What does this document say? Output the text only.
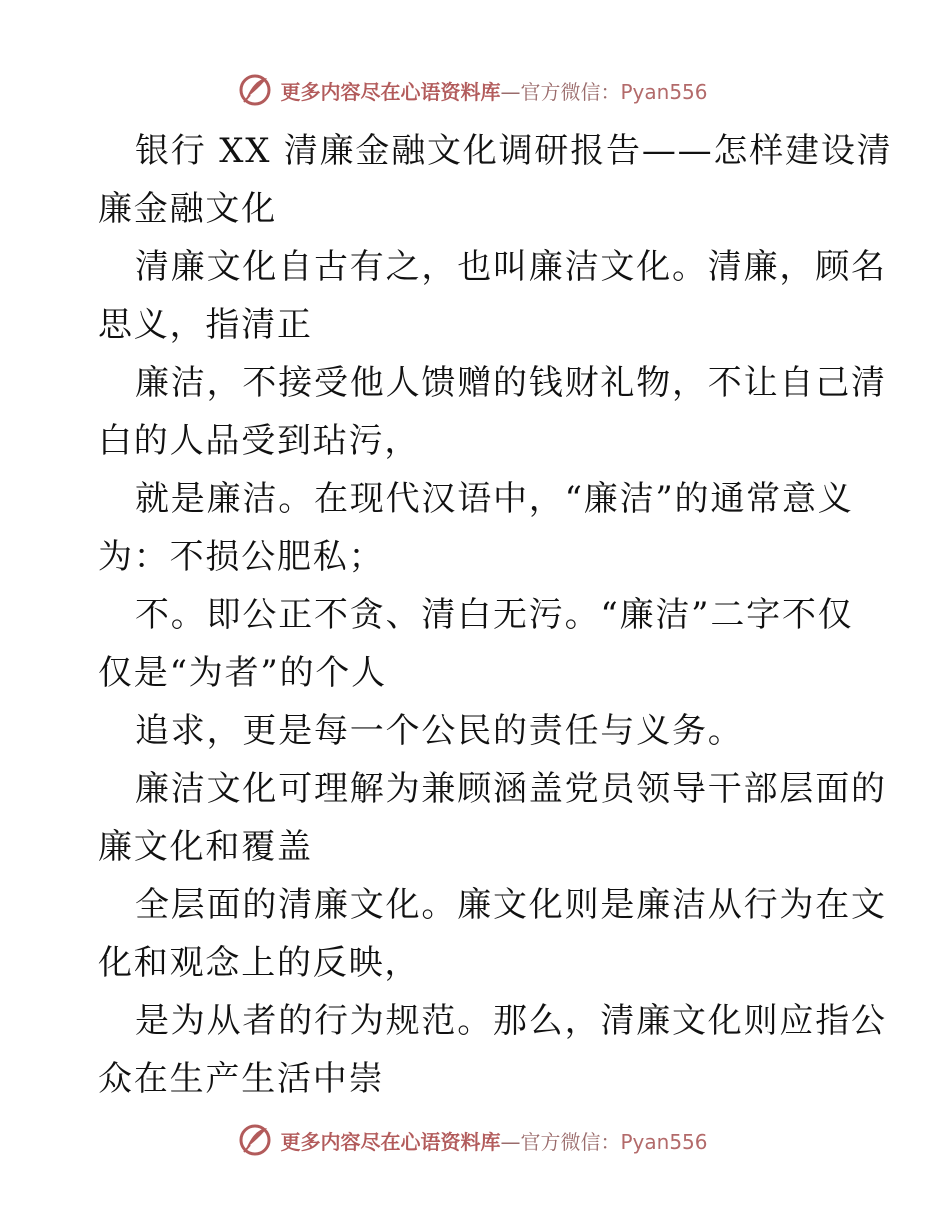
更多内容尽在心语资料库—官方微信：Pyan556
银行 XX 清廉金融文化调研报告——怎样建设清
廉金融文化
清廉文化自古有之，也叫廉洁文化。清廉，顾名
思义，指清正
廉洁，不接受他人馈赠的钱财礼物，不让自己清
白的人品受到玷污，
就是廉洁。在现代汉语中，“廉洁”的通常意义
为：不损公肥私；
不。即公正不贪、清白无污。“廉洁”二字不仅
仅是“为者”的个人
追求，更是每一个公民的责任与义务。
廉洁文化可理解为兼顾涵盖党员领导干部层面的
廉文化和覆盖
全层面的清廉文化。廉文化则是廉洁从行为在文
化和观念上的反映，
是为从者的行为规范。那么，清廉文化则应指公
众在生产生活中崇
更多内容尽在心语资料库—官方微信：Pyan556
